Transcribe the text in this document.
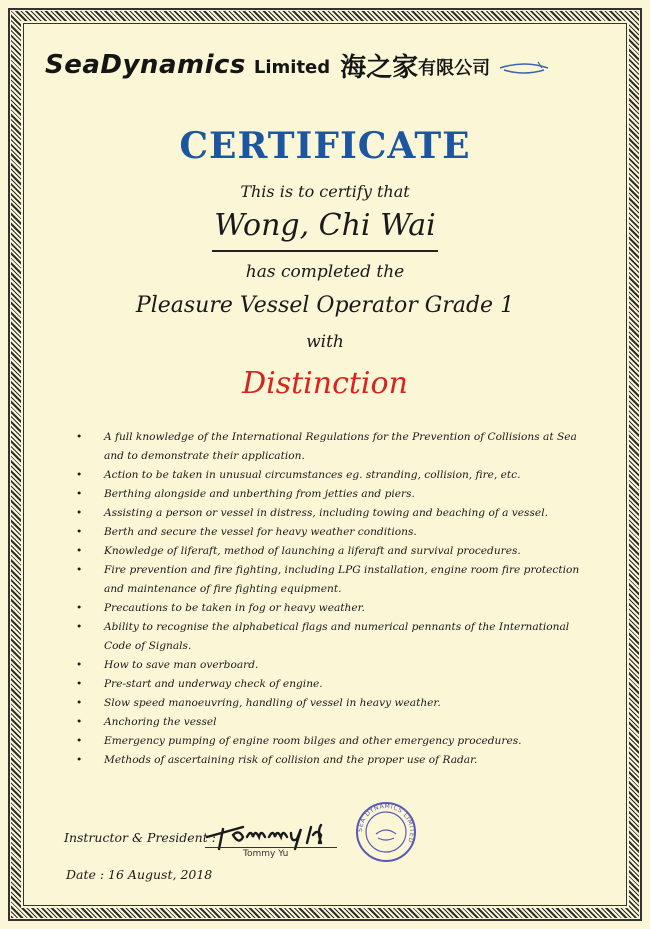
SeaDynamics Limited 海之家 有限公司
CERTIFICATE
This is to certify that
Wong, Chi Wai
has completed the
Pleasure Vessel Operator Grade 1
with
Distinction
• A full knowledge of the International Regulations for the Prevention of Collisions at Sea and to demonstrate their application.
• Action to be taken in unusual circumstances eg. stranding, collision, fire, etc.
• Berthing alongside and unberthing from jetties and piers.
• Assisting a person or vessel in distress, including towing and beaching of a vessel.
• Berth and secure the vessel for heavy weather conditions.
• Knowledge of liferaft, method of launching a liferaft and survival procedures.
• Fire prevention and fire fighting, including LPG installation, engine room fire protection and maintenance of fire fighting equipment.
• Precautions to be taken in fog or heavy weather.
• Ability to recognise the alphabetical flags and numerical pennants of the International Code of Signals.
• How to save man overboard.
• Pre-start and underway check of engine.
• Slow speed manoeuvring, handling of vessel in heavy weather.
• Anchoring the vessel
• Emergency pumping of engine room bilges and other emergency procedures.
• Methods of ascertaining risk of collision and the proper use of Radar.
Instructor & President :
Tommy Yu
Date : 16 August, 2018
SEA DYNAMICS LIMITED
